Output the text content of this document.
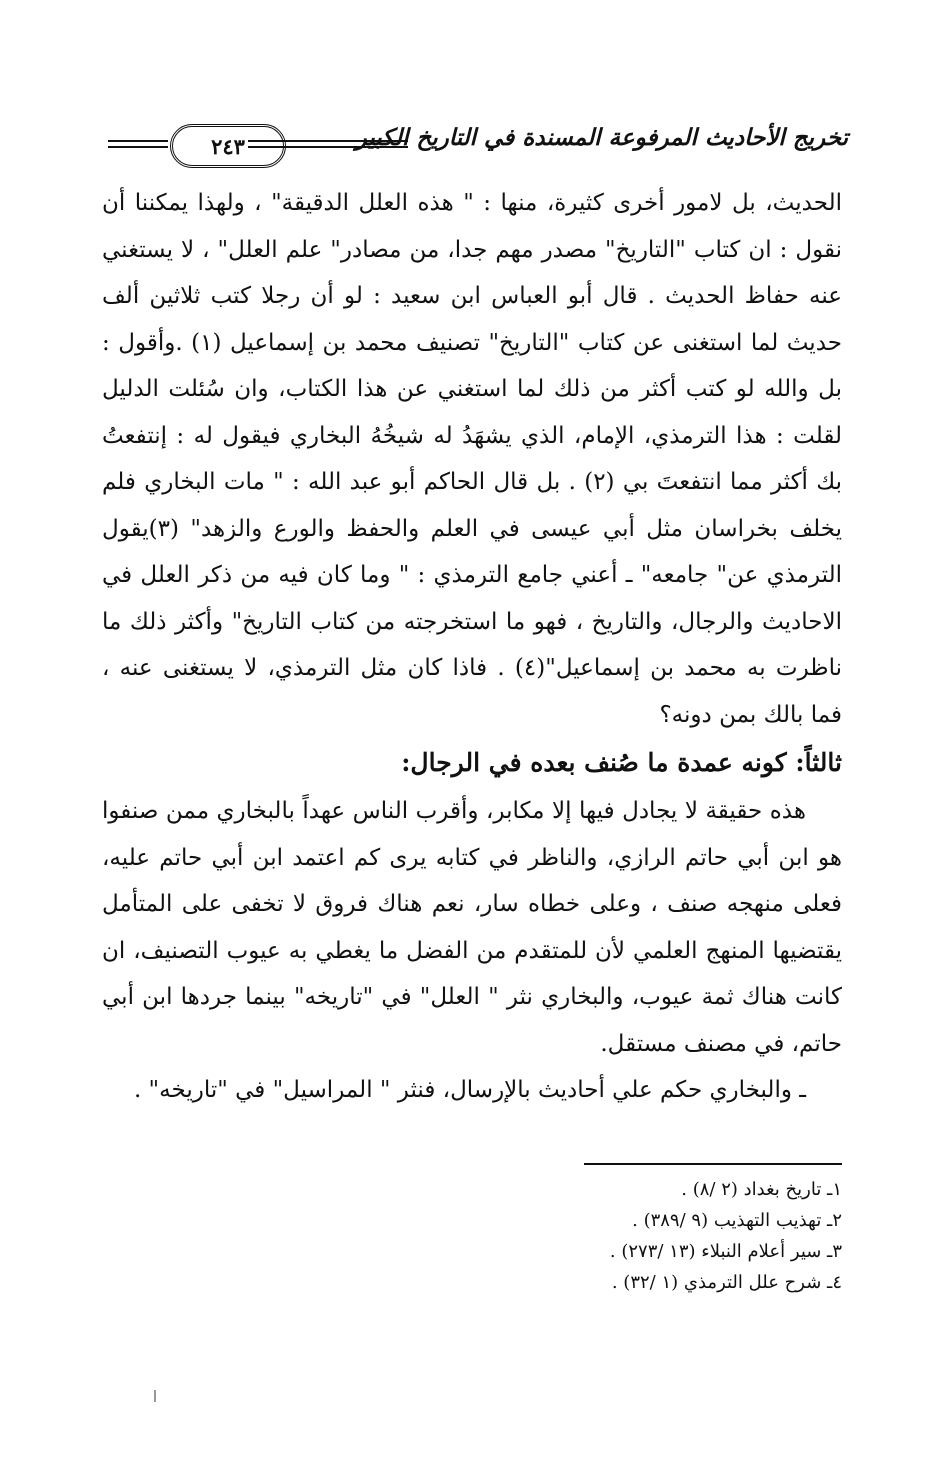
تخريج الأحاديث المرفوعة المسندة في التاريخ الكبير
٢٤٣

الحديث، بل لامور أخرى كثيرة، منها : " هذه العلل الدقيقة" ، ولهذا يمكننا أن نقول : ان كتاب "التاريخ" مصدر مهم جدا، من مصادر" علم العلل" ، لا يستغني عنه حفاظ الحديث . قال أبو العباس ابن سعيد : لو أن رجلا كتب ثلاثين ألف حديث لما استغنى عن كتاب "التاريخ" تصنيف محمد بن إسماعيل (١) .وأقول : بل والله لو كتب أكثر من ذلك لما استغني عن هذا الكتاب، وان سُئلت الدليل لقلت : هذا الترمذي، الإمام، الذي يشهَدُ له شيخُهُ البخاري فيقول له : إنتفعتُ بك أكثر مما انتفعتَ بي (٢) . بل قال الحاكم أبو عبد الله : " مات البخاري فلم يخلف بخراسان مثل أبي عيسى في العلم والحفظ والورع والزهد" (٣)يقول الترمذي عن" جامعه" ـ أعني جامع الترمذي : " وما كان فيه من ذكر العلل في الاحاديث والرجال، والتاريخ ، فهو ما استخرجته من كتاب التاريخ" وأكثر ذلك ما ناظرت به محمد بن إسماعيل"(٤) . فاذا كان مثل الترمذي، لا يستغنى عنه ، فما بالك بمن دونه؟

ثالثاً: كونه عمدة ما صُنف بعده في الرجال:

هذه حقيقة لا يجادل فيها إلا مكابر، وأقرب الناس عهداً بالبخاري ممن صنفوا هو ابن أبي حاتم الرازي، والناظر في كتابه يرى كم اعتمد ابن أبي حاتم عليه، فعلى منهجه صنف ، وعلى خطاه سار، نعم هناك فروق لا تخفى على المتأمل يقتضيها المنهج العلمي لأن للمتقدم من الفضل ما يغطي به عيوب التصنيف، ان كانت هناك ثمة عيوب، والبخاري نثر " العلل" في "تاريخه" بينما جردها ابن أبي حاتم، في مصنف مستقل.

ـ والبخاري حكم علي أحاديث بالإرسال، فنثر " المراسيل" في "تاريخه" .

١ـ تاريخ بغداد (٢ /٨) .
٢ـ تهذيب التهذيب (٩ /٣٨٩) .
٣ـ سير أعلام النبلاء (١٣ /٢٧٣) .
٤ـ شرح علل الترمذي (١ /٣٢) .
